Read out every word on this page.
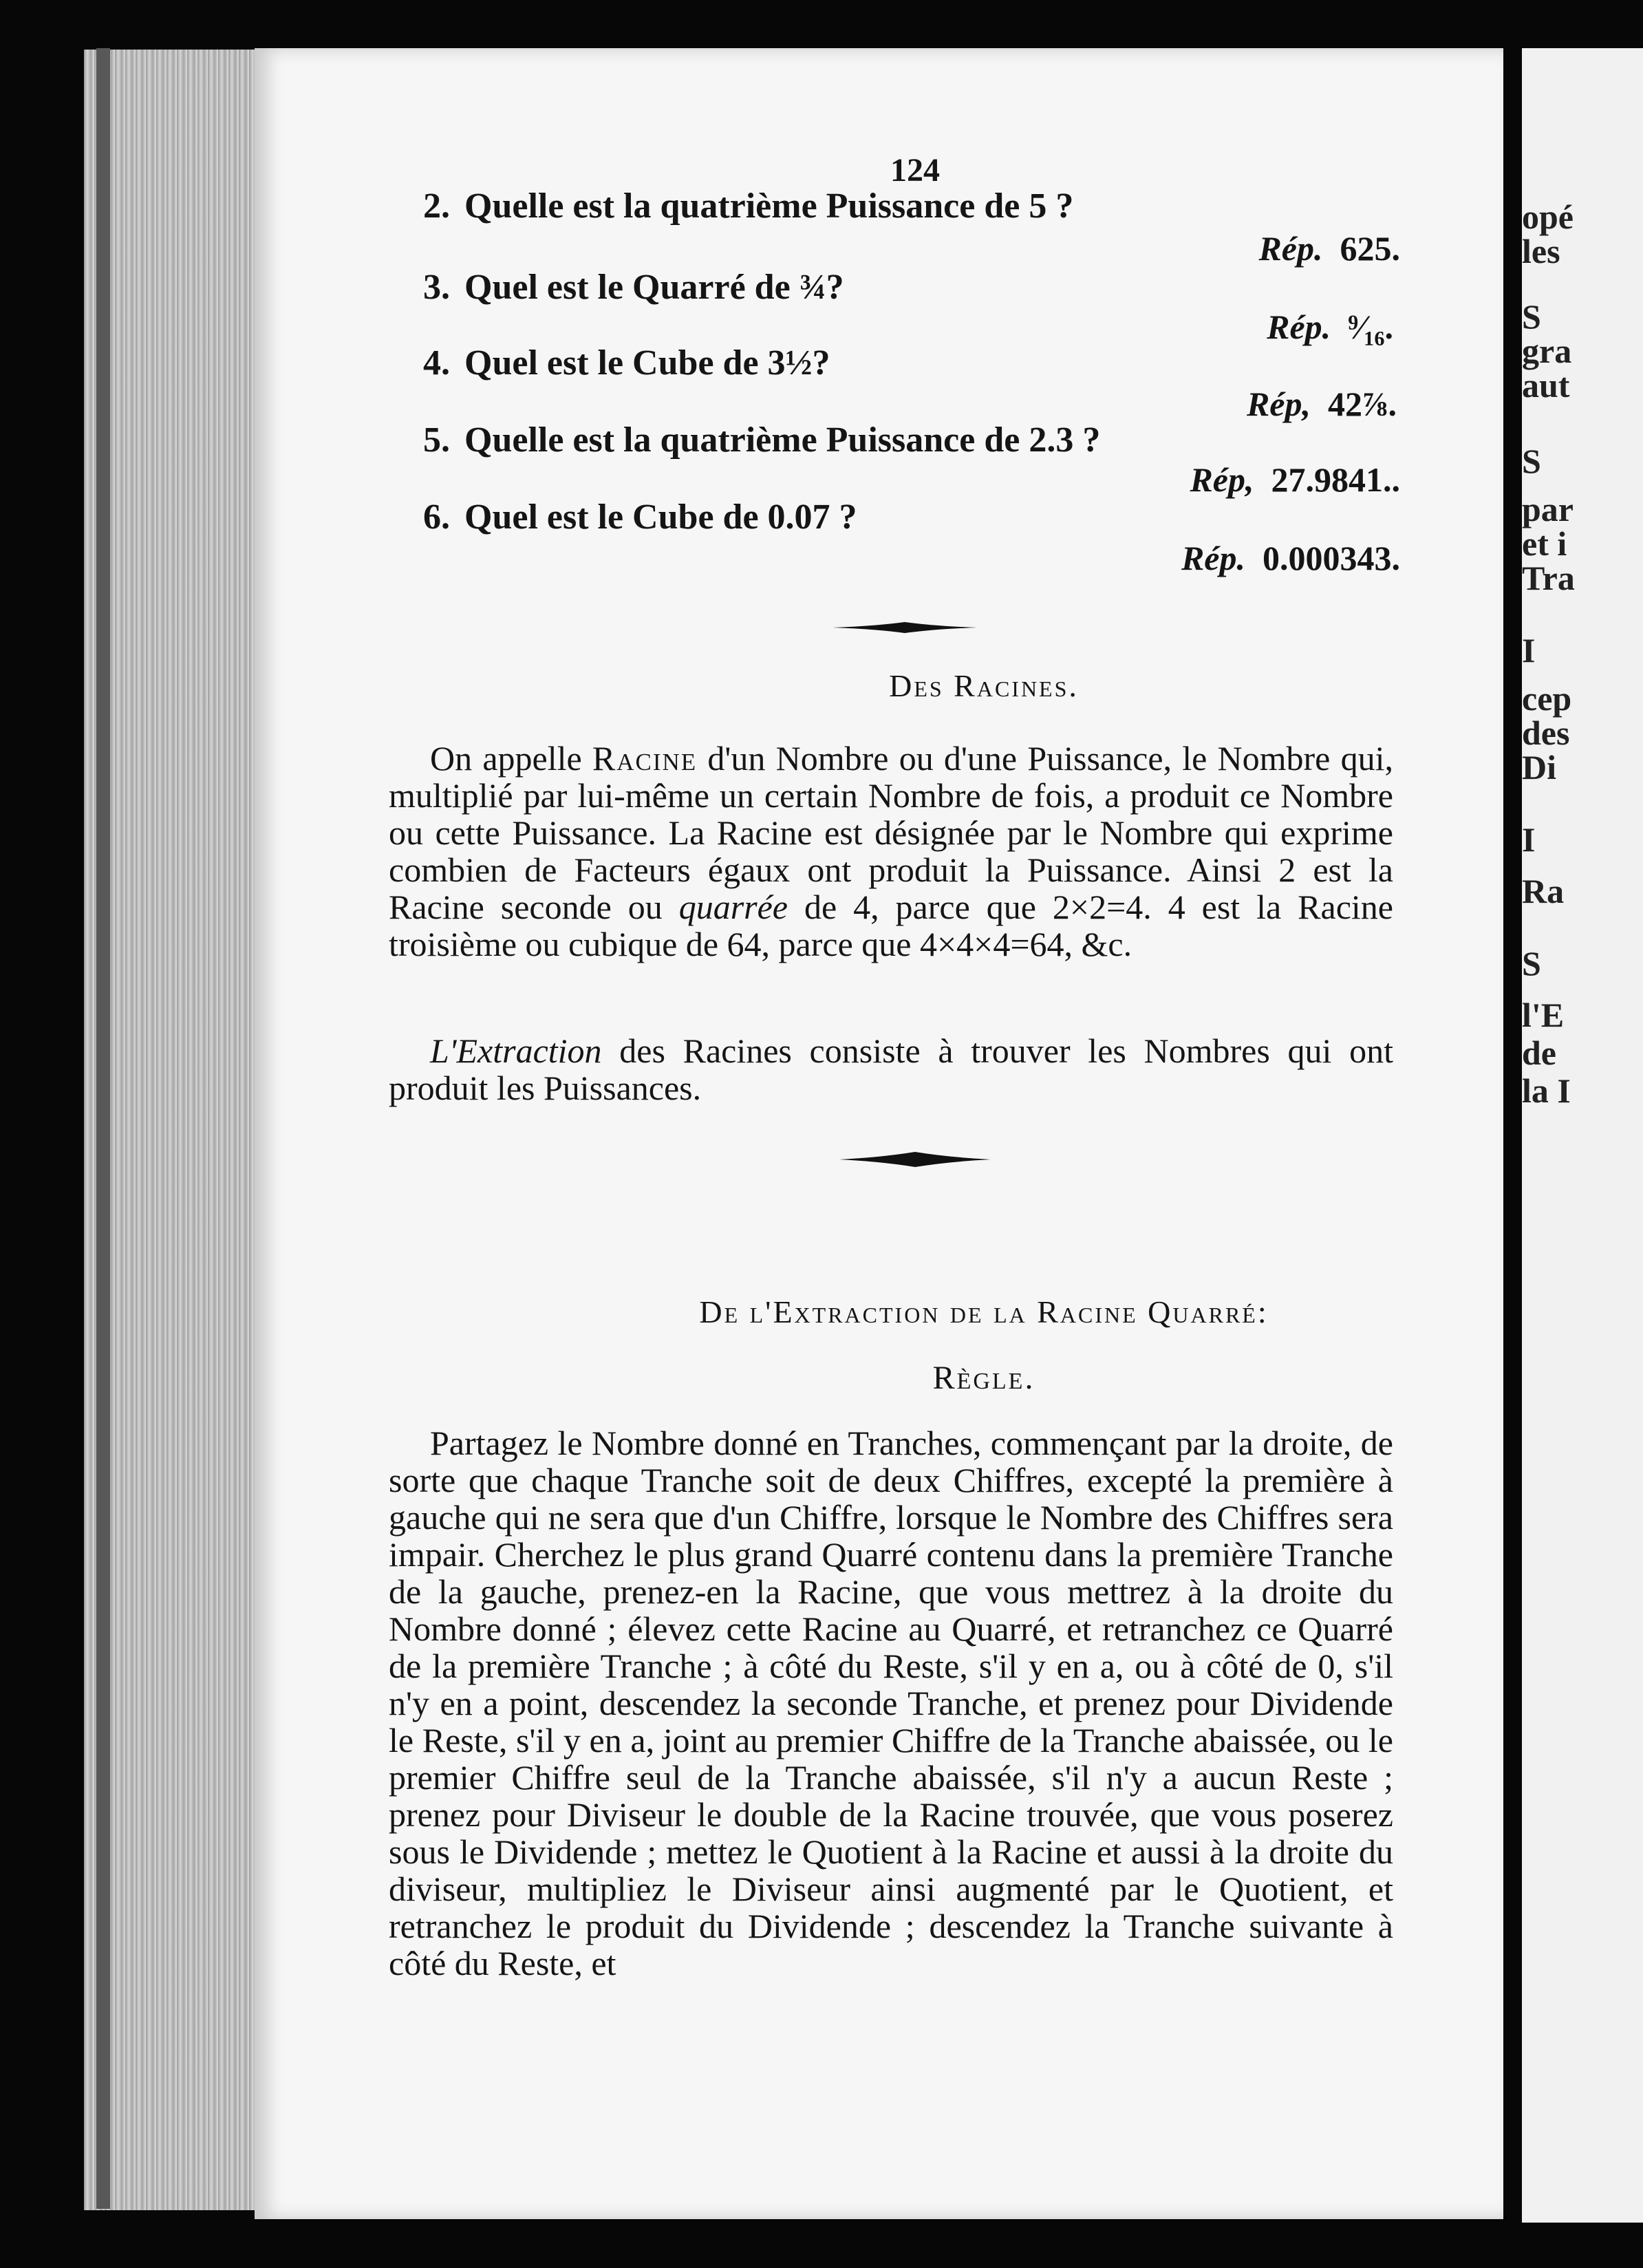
124
2. Quelle est la quatrième Puissance de 5 ?
Rép. 625.
3. Quel est le Quarré de ¾?
Rép. ⁹⁄₁₆.
4. Quel est le Cube de 3½?
Rép, 42⅞.
5. Quelle est la quatrième Puissance de 2.3 ?
Rép, 27.9841..
6. Quel est le Cube de 0.07 ?
Rép. 0.000343.
Des Racines.
On appelle Racine d'un Nombre ou d'une Puissance, le Nombre qui, multiplié par lui-même un certain Nombre de fois, a produit ce Nombre ou cette Puissance. La Racine est désignée par le Nombre qui exprime combien de Facteurs égaux ont produit la Puissance. Ainsi 2 est la Racine seconde ou quarrée de 4, parce que 2×2=4. 4 est la Racine troisième ou cubique de 64, parce que 4×4×4=64, &c.
L'Extraction des Racines consiste à trouver les Nombres qui ont produit les Puissances.
De l'Extraction de la Racine Quarré:
Règle.
Partagez le Nombre donné en Tranches, commençant par la droite, de sorte que chaque Tranche soit de deux Chiffres, excepté la première à gauche qui ne sera que d'un Chiffre, lorsque le Nombre des Chiffres sera impair. Cherchez le plus grand Quarré contenu dans la première Tranche de la gauche, prenez-en la Racine, que vous mettrez à la droite du Nombre donné ; élevez cette Racine au Quarré, et retranchez ce Quarré de la première Tranche ; à côté du Reste, s'il y en a, ou à côté de 0, s'il n'y en a point, descendez la seconde Tranche, et prenez pour Dividende le Reste, s'il y en a, joint au premier Chiffre de la Tranche abaissée, ou le premier Chiffre seul de la Tranche abaissée, s'il n'y a aucun Reste ; prenez pour Diviseur le double de la Racine trouvée, que vous poserez sous le Dividende ; mettez le Quotient à la Racine et aussi à la droite du diviseur, multipliez le Diviseur ainsi augmenté par le Quotient, et retranchez le produit du Dividende ; descendez la Tranche suivante à côté du Reste, et
opé
les
S
gra
aut
S
par
et i
Tra
I
cep
des
Di
I
Ra
S
l'E
de
la I
